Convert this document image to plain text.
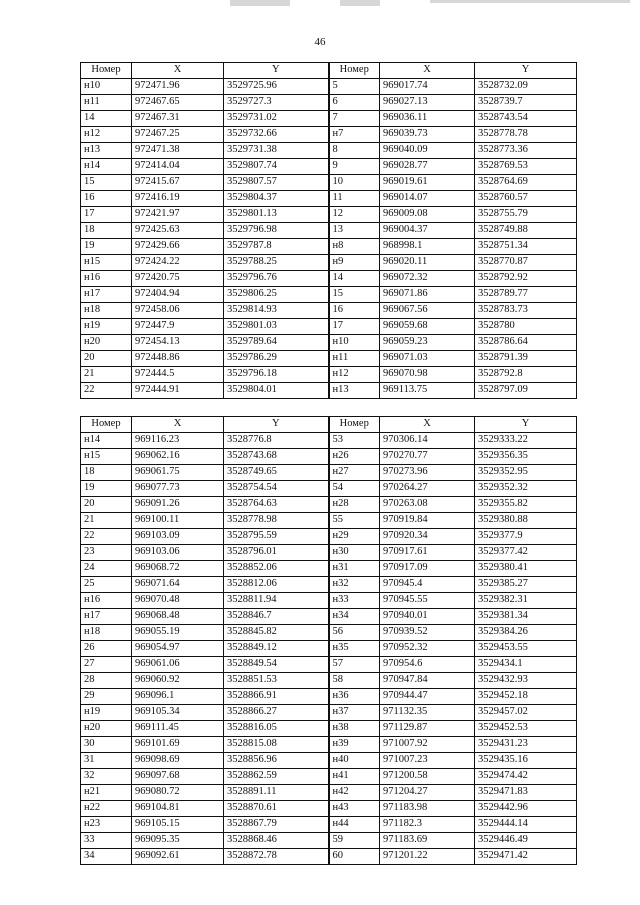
46
Номер	X	Y	Номер	X	Y
н10	972471.96	3529725.96	5	969017.74	3528732.09
н11	972467.65	3529727.3	6	969027.13	3528739.7
14	972467.31	3529731.02	7	969036.11	3528743.54
н12	972467.25	3529732.66	н7	969039.73	3528778.78
н13	972471.38	3529731.38	8	969040.09	3528773.36
н14	972414.04	3529807.74	9	969028.77	3528769.53
15	972415.67	3529807.57	10	969019.61	3528764.69
16	972416.19	3529804.37	11	969014.07	3528760.57
17	972421.97	3529801.13	12	969009.08	3528755.79
18	972425.63	3529796.98	13	969004.37	3528749.88
19	972429.66	3529787.8	н8	968998.1	3528751.34
н15	972424.22	3529788.25	н9	969020.11	3528770.87
н16	972420.75	3529796.76	14	969072.32	3528792.92
н17	972404.94	3529806.25	15	969071.86	3528789.77
н18	972458.06	3529814.93	16	969067.56	3528783.73
н19	972447.9	3529801.03	17	969059.68	3528780
н20	972454.13	3529789.64	н10	969059.23	3528786.64
20	972448.86	3529786.29	н11	969071.03	3528791.39
21	972444.5	3529796.18	н12	969070.98	3528792.8
22	972444.91	3529804.01	н13	969113.75	3528797.09
Номер	X	Y	Номер	X	Y
н14	969116.23	3528776.8	53	970306.14	3529333.22
н15	969062.16	3528743.68	н26	970270.77	3529356.35
18	969061.75	3528749.65	н27	970273.96	3529352.95
19	969077.73	3528754.54	54	970264.27	3529352.32
20	969091.26	3528764.63	н28	970263.08	3529355.82
21	969100.11	3528778.98	55	970919.84	3529380.88
22	969103.09	3528795.59	н29	970920.34	3529377.9
23	969103.06	3528796.01	н30	970917.61	3529377.42
24	969068.72	3528852.06	н31	970917.09	3529380.41
25	969071.64	3528812.06	н32	970945.4	3529385.27
н16	969070.48	3528811.94	н33	970945.55	3529382.31
н17	969068.48	3528846.7	н34	970940.01	3529381.34
н18	969055.19	3528845.82	56	970939.52	3529384.26
26	969054.97	3528849.12	н35	970952.32	3529453.55
27	969061.06	3528849.54	57	970954.6	3529434.1
28	969060.92	3528851.53	58	970947.84	3529432.93
29	969096.1	3528866.91	н36	970944.47	3529452.18
н19	969105.34	3528866.27	н37	971132.35	3529457.02
н20	969111.45	3528816.05	н38	971129.87	3529452.53
30	969101.69	3528815.08	н39	971007.92	3529431.23
31	969098.69	3528856.96	н40	971007.23	3529435.16
32	969097.68	3528862.59	н41	971200.58	3529474.42
н21	969080.72	3528891.11	н42	971204.27	3529471.83
н22	969104.81	3528870.61	н43	971183.98	3529442.96
н23	969105.15	3528867.79	н44	971182.3	3529444.14
33	969095.35	3528868.46	59	971183.69	3529446.49
34	969092.61	3528872.78	60	971201.22	3529471.42
